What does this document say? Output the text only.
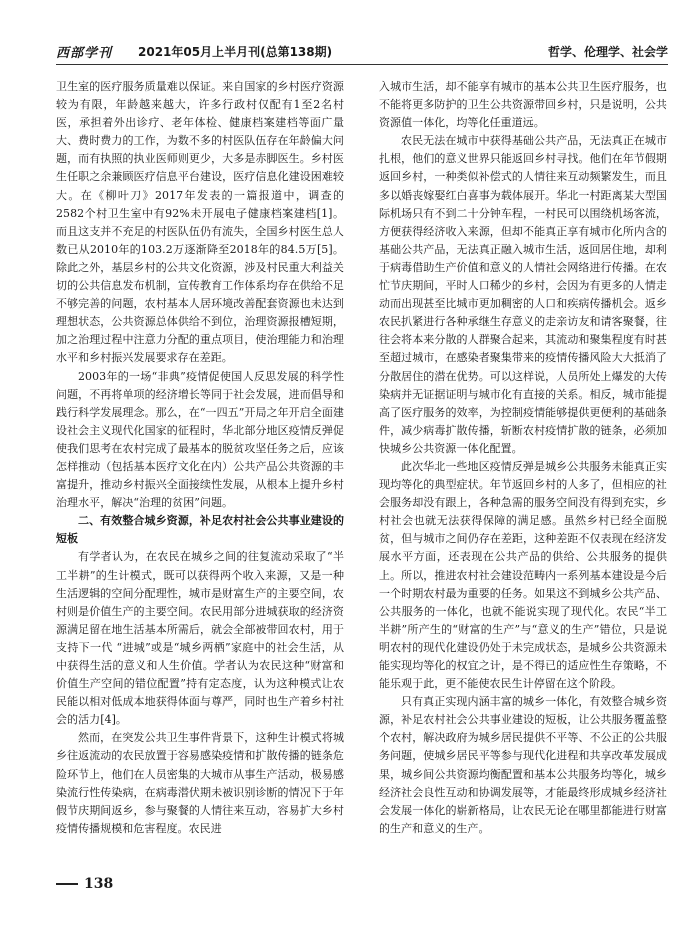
西部学刊 2021年05月上半月刊(总第138期)	哲学、伦理学、社会学

卫生室的医疗服务质量难以保证。来自国家的乡村医疗资源较为有限，年龄越来越大，许多行政村仅配有1至2名村医，承担着外出诊疗、老年体检、健康档案建档等面广量大、费时费力的工作，为数不多的村医队伍存在年龄偏大问题，而有执照的执业医师则更少，大多是赤脚医生。乡村医生任职之余兼顾医疗信息平台建设，医疗信息化建设困难较大。在《柳叶刀》2017年发表的一篇报道中，调查的2582个村卫生室中有92%未开展电子健康档案建档[1]。而且这支并不充足的村医队伍仍有流失，全国乡村医生总人数已从2010年的103.2万逐渐降至2018年的84.5万[5]。除此之外，基层乡村的公共文化资源，涉及村民重大利益关切的公共信息发布机制，宣传教育工作体系均存在供给不足不够完善的问题，农村基本人居环境改善配套资源也未达到理想状态，公共资源总体供给不到位，治理资源报槽短期，加之治理过程中注意力分配的重点项目，使治理能力和治理水平和乡村振兴发展要求存在差距。

2003年的一场“非典”疫情促使国人反思发展的科学性问题，不再将单项的经济增长等同于社会发展，进而倡导和践行科学发展理念。那么，在“一四五”开局之年开启全面建设社会主义现代化国家的征程时，华北部分地区疫情反弹促使我们思考在农村完成了最基本的脱贫攻坚任务之后，应该怎样推动（包括基本医疗文化在内）公共产品公共资源的丰富提升，推动乡村振兴全面接续性发展，从根本上提升乡村治理水平，解决“治理的贫困”问题。

二、有效整合城乡资源，补足农村社会公共事业建设的短板

有学者认为，在农民在城乡之间的往复流动采取了“半工半耕”的生计模式，既可以获得两个收入来源，又是一种生活逻辑的空间分配理性，城市是财富生产的主要空间，农村则是价值生产的主要空间。农民用部分进城获取的经济资源满足留在地生活基本所需后，就会全部被带回农村，用于支持下一代 “进城”或是“城乡两栖”家庭中的社会生活，从中获得生活的意义和人生价值。学者认为农民这种“财富和价值生产空间的错位配置”持有定态度，认为这种模式让农民能以相对低成本地获得体面与尊严，同时也生产着乡村社会的活力[4]。

然而，在突发公共卫生事件背景下，这种生计模式将城乡往返流动的农民放置于容易感染疫情和扩散传播的链条危险环节上，他们在人员密集的大城市从事生产活动，极易感染流行性传染病，在病毒潜伏期未被识别诊断的情况下于年假节庆期间返乡，参与聚餐的人情往来互动，容易扩大乡村疫情传播规模和危害程度。农民进

入城市生活，却不能享有城市的基本公共卫生医疗服务，也不能将更多防护的卫生公共资源带回乡村，只是说明，公共资源值一体化，均等化任重道远。

农民无法在城市中获得基础公共产品，无法真正在城市扎根，他们的意义世界只能返回乡村寻找。他们在年节假期返回乡村，一种类似补偿式的人情往来互动频繁发生，而且多以婚丧嫁娶红白喜事为载体展开。华北一村距离某大型国际机场只有不到二十分钟车程，一村民可以围绕机场客流，方便获得经济收入来源，但却不能真正享有城市化所内含的基础公共产品，无法真正融入城市生活，返回居住地，却利于病毒借助生产价值和意义的人情社会网络进行传播。在农忙节庆期间，平时人口稀少的乡村，会因为有更多的人情走动而出现甚至比城市更加稠密的人口和疾病传播机会。返乡农民扒紧进行各种承继生存意义的走亲访友和请客聚餐，往往会将本来分散的人群聚合起来，其流动和聚集程度有时甚至超过城市，在感染者聚集带来的疫情传播风险大大抵消了分散居住的潜在优势。可以这样说，人员所处上爆发的大传染病并无证据证明与城市化有直接的关系。相反，城市能提高了医疗服务的效率，为控制疫情能够提供更便利的基础条件，减少病毒扩散传播，斩断农村疫情扩散的链条，必须加快城乡公共资源一体化配置。

此次华北一些地区疫情反弹是城乡公共服务未能真正实现均等化的典型症状。年节返回乡村的人多了，但相应的社会服务却没有跟上，各种急需的服务空间没有得到充实，乡村社会也就无法获得保障的满足感。虽然乡村已经全面脱贫，但与城市之间仍存在差距，这种差距不仅表现在经济发展水平方面，还表现在公共产品的供给、公共服务的提供上。所以，推进农村社会建设范畴内一系列基本建设是今后一个时期农村最为重要的任务。如果这不到城乡公共产品、公共服务的一体化，也就不能说实现了现代化。农民“半工半耕”所产生的“财富的生产”与“意义的生产”错位，只是说明农村的现代化建设仍处于未完成状态，是城乡公共资源未能实现均等化的权宜之计，是不得已的适应性生存策略，不能乐观于此，更不能使农民生计停留在这个阶段。

只有真正实现内涵丰富的城乡一体化，有效整合城乡资源，补足农村社会公共事业建设的短板，让公共服务覆盖整个农村，解决政府为城乡居民提供不平等、不公正的公共服务问题，使城乡居民平等参与现代化进程和共享改革发展成果，城乡间公共资源均衡配置和基本公共服务均等化，城乡经济社会良性互动和协调发展等，才能最终形成城乡经济社会发展一体化的崭新格局，让农民无论在哪里都能进行财富的生产和意义的生产。

138
